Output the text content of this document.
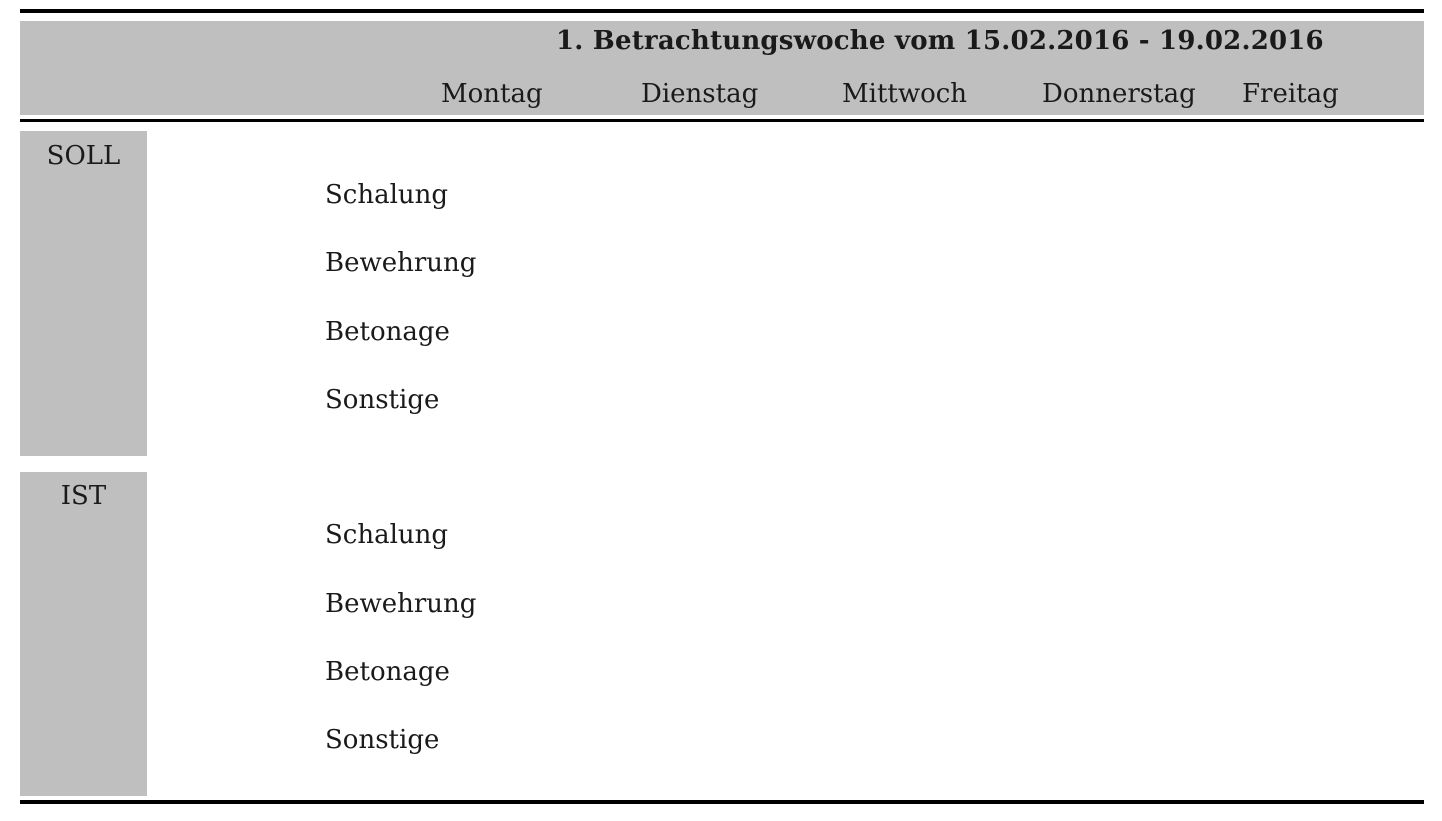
1. Betrachtungswoche vom 15.02.2016 - 19.02.2016
Montag	Dienstag	Mittwoch	Donnerstag Freitag
SOLL
Schalung
Bewehrung
Betonage
Sonstige
IST
Schalung
Bewehrung
Betonage
Sonstige
